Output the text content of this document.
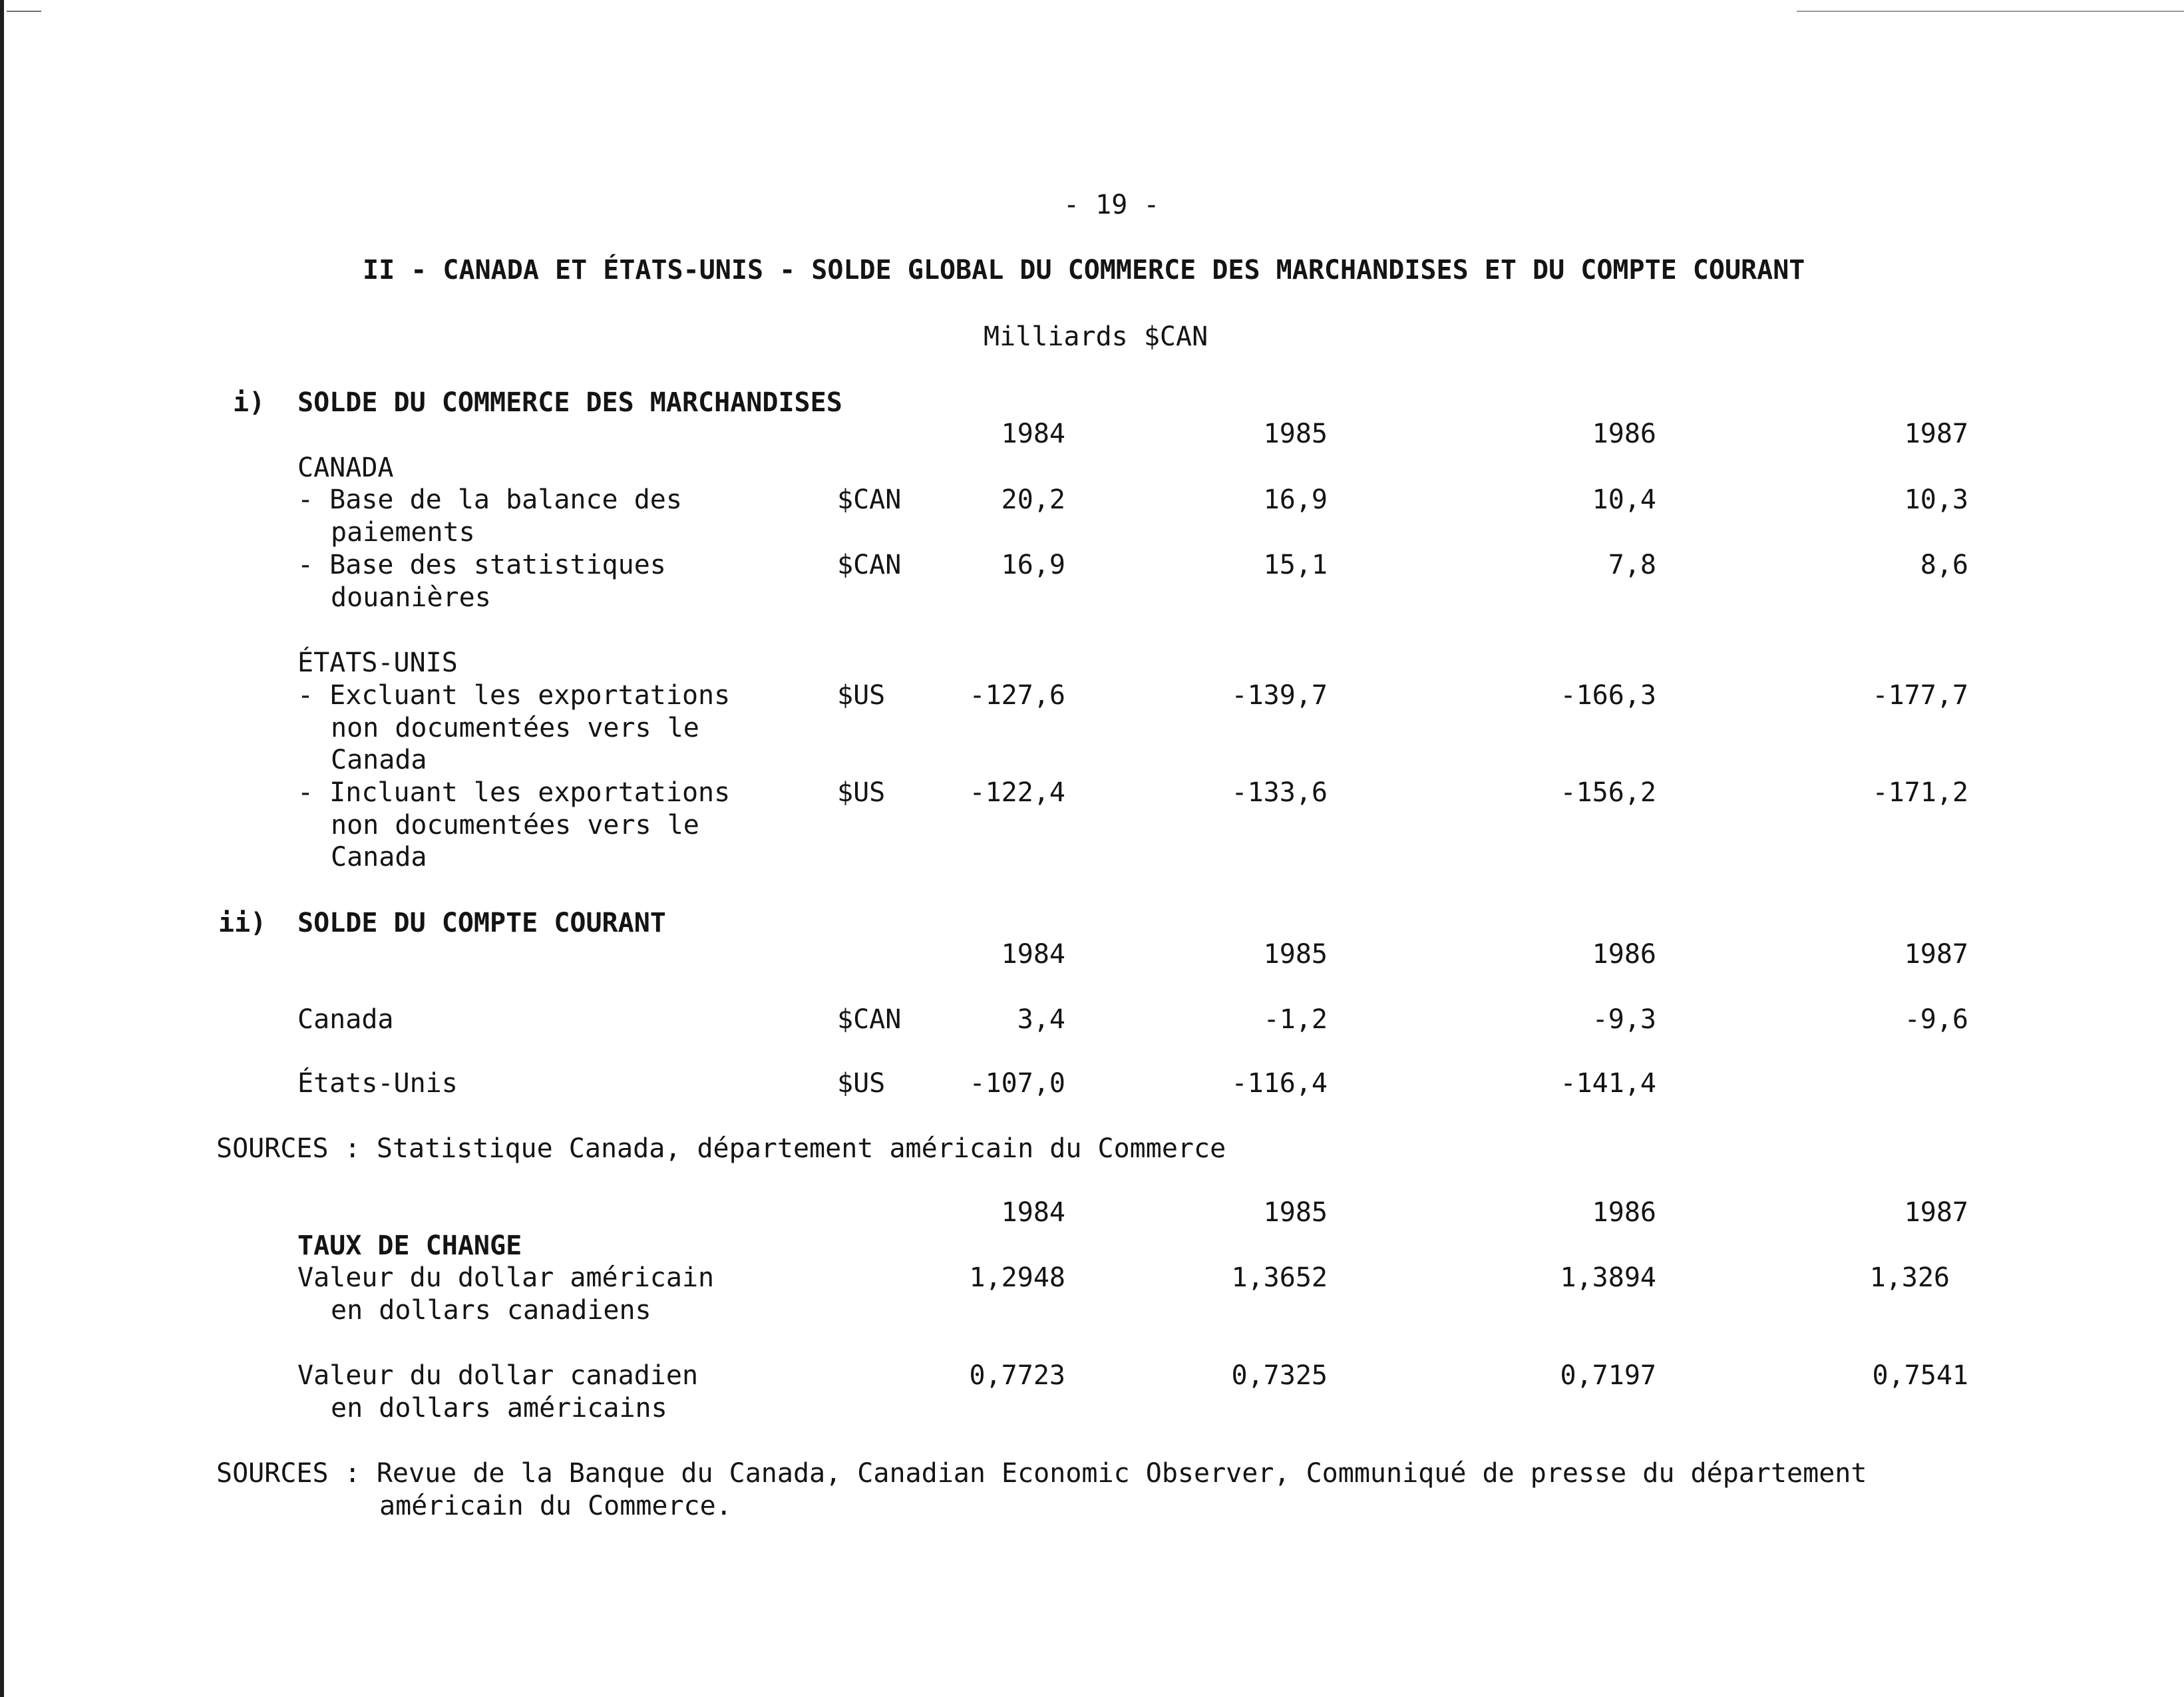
- 19 -
II - CANADA ET ÉTATS-UNIS - SOLDE GLOBAL DU COMMERCE DES MARCHANDISES ET DU COMPTE COURANT
Milliards $CAN
i) SOLDE DU COMMERCE DES MARCHANDISES
1984	1985	1986	1987
CANADA
- Base de la balance des
paiements
$CAN	20,2	16,9	10,4	10,3
- Base des statistiques
douanières
$CAN	16,9	15,1	7,8	8,6
ÉTATS-UNIS
- Excluant les exportations
non documentées vers le
Canada
$US	-127,6	-139,7	-166,3	-177,7
- Incluant les exportations
non documentées vers le
Canada
$US	-122,4	-133,6	-156,2	-171,2
ii) SOLDE DU COMPTE COURANT
1984	1985	1986	1987
Canada	$CAN	3,4	-1,2	-9,3	-9,6
États-Unis	$US	-107,0	-116,4	-141,4
SOURCES : Statistique Canada, département américain du Commerce
1984	1985	1986	1987
TAUX DE CHANGE
Valeur du dollar américain
en dollars canadiens
1,2948	1,3652	1,3894	1,326
Valeur du dollar canadien
en dollars américains
0,7723	0,7325	0,7197	0,7541
SOURCES : Revue de la Banque du Canada, Canadian Economic Observer, Communiqué de presse du département
américain du Commerce.
